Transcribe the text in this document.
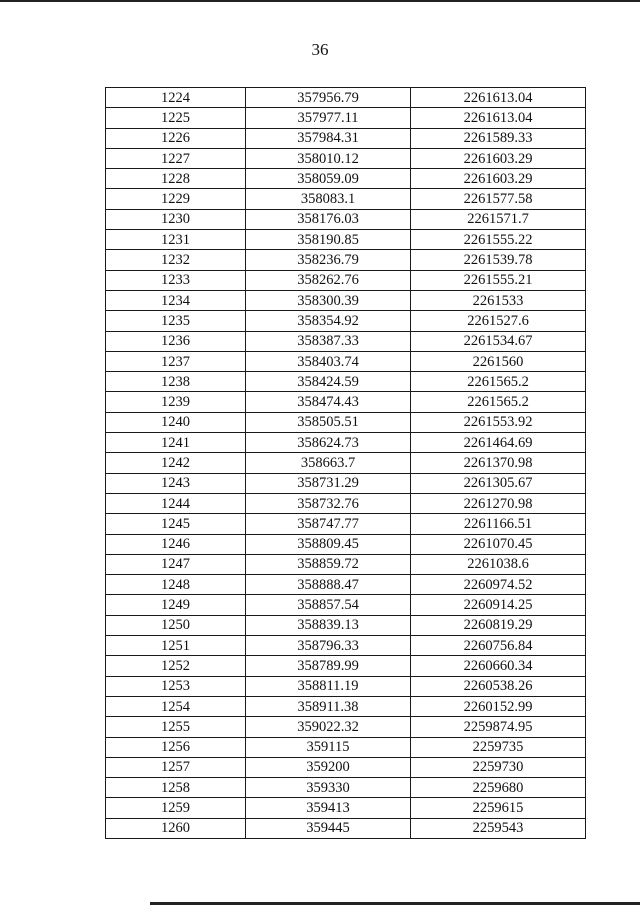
36
1224	357956.79	2261613.04
1225	357977.11	2261613.04
1226	357984.31	2261589.33
1227	358010.12	2261603.29
1228	358059.09	2261603.29
1229	358083.1	2261577.58
1230	358176.03	2261571.7
1231	358190.85	2261555.22
1232	358236.79	2261539.78
1233	358262.76	2261555.21
1234	358300.39	2261533
1235	358354.92	2261527.6
1236	358387.33	2261534.67
1237	358403.74	2261560
1238	358424.59	2261565.2
1239	358474.43	2261565.2
1240	358505.51	2261553.92
1241	358624.73	2261464.69
1242	358663.7	2261370.98
1243	358731.29	2261305.67
1244	358732.76	2261270.98
1245	358747.77	2261166.51
1246	358809.45	2261070.45
1247	358859.72	2261038.6
1248	358888.47	2260974.52
1249	358857.54	2260914.25
1250	358839.13	2260819.29
1251	358796.33	2260756.84
1252	358789.99	2260660.34
1253	358811.19	2260538.26
1254	358911.38	2260152.99
1255	359022.32	2259874.95
1256	359115	2259735
1257	359200	2259730
1258	359330	2259680
1259	359413	2259615
1260	359445	2259543
